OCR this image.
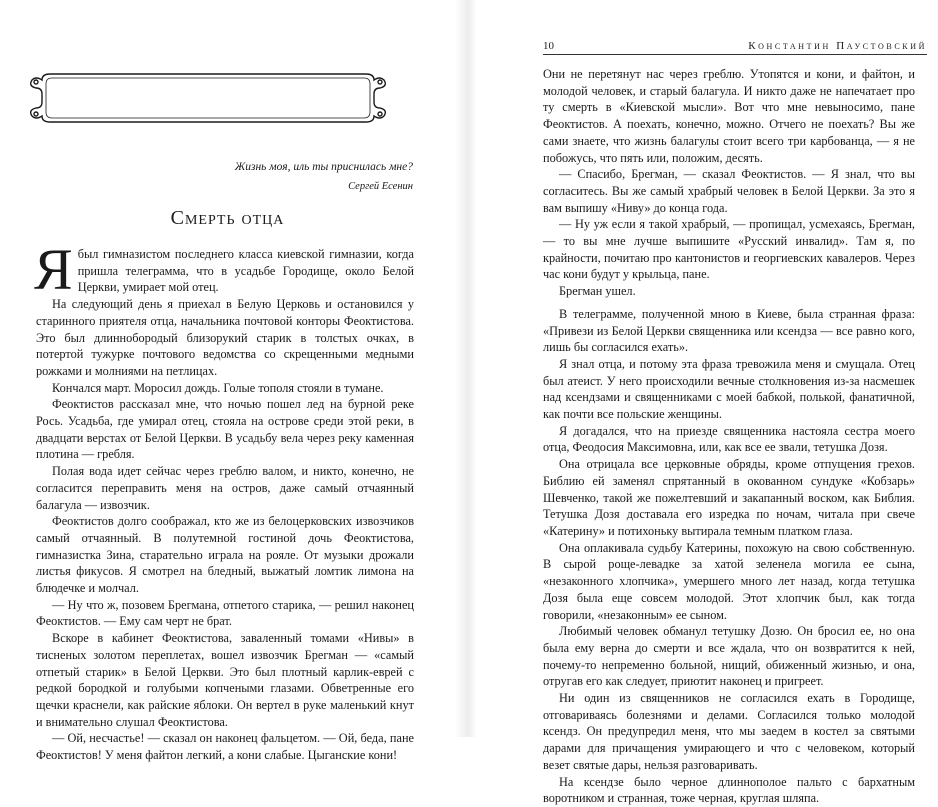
Жизнь моя, иль ты приснилась мне?
Сергей Есенин
Смерть отца

Ябыл гимназистом последнего класса киевской гимназии, когда пришла телеграмма, что в усадьбе Городище, около Белой Церкви, умирает мой отец.

На следующий день я приехал в Белую Церковь и остановился у старинного приятеля отца, начальника почтовой конторы Феоктистова. Это был длиннобородый близорукий старик в толстых очках, в потертой тужурке почтового ведомства со скрещенными медными рожками и молниями на петлицах.

Кончался март. Моросил дождь. Голые тополя стояли в тумане.

Феоктистов рассказал мне, что ночью пошел лед на бурной реке Рось. Усадьба, где умирал отец, стояла на острове среди этой реки, в двадцати верстах от Белой Церкви. В усадьбу вела через реку каменная плотина — гребля.

Полая вода идет сейчас через греблю валом, и никто, конечно, не согласится переправить меня на остров, даже самый отчаянный балагула — извозчик.

Феоктистов долго соображал, кто же из белоцерковских извозчиков самый отчаянный. В полутемной гостиной дочь Феоктистова, гимназистка Зина, старательно играла на рояле. От музыки дрожали листья фикусов. Я смотрел на бледный, выжатый ломтик лимона на блюдечке и молчал.

— Ну что ж, позовем Брегмана, отпетого старика, — решил наконец Феоктистов. — Ему сам черт не брат.

Вскоре в кабинет Феоктистова, заваленный томами «Нивы» в тисненых золотом переплетах, вошел извозчик Брегман — «самый отпетый старик» в Белой Церкви. Это был плотный карлик-еврей с редкой бородкой и голубыми копчеными глазами. Обветренные его щечки краснели, как райские яблоки. Он вертел в руке маленький кнут и внимательно слушал Феоктистова.

— Ой, несчастье! — сказал он наконец фальцетом. — Ой, беда, пане Феоктистов! У меня файтон легкий, а кони слабые. Цыганские кони!

10	Константин Паустовский

Они не перетянут нас через греблю. Утопятся и кони, и файтон, и молодой человек, и старый балагула. И никто даже не напечатает про ту смерть в «Киевской мысли». Вот что мне невыносимо, пане Феоктистов. А поехать, конечно, можно. Отчего не поехать? Вы же сами знаете, что жизнь балагулы стоит всего три карбованца, — я не побожусь, что пять или, положим, десять.

— Спасибо, Брегман, — сказал Феоктистов. — Я знал, что вы согласитесь. Вы же самый храбрый человек в Белой Церкви. За это я вам выпишу «Ниву» до конца года.

— Ну уж если я такой храбрый, — пропищал, усмехаясь, Брегман, — то вы мне лучше выпишите «Русский инвалид». Там я, по крайности, почитаю про кантонистов и георгиевских кавалеров. Через час кони будут у крыльца, пане.

Брегман ушел.

В телеграмме, полученной мною в Киеве, была странная фраза: «Привези из Белой Церкви священника или ксендза — все равно кого, лишь бы согласился ехать».

Я знал отца, и потому эта фраза тревожила меня и смущала. Отец был атеист. У него происходили вечные столкновения из-за насмешек над ксендзами и священниками с моей бабкой, полькой, фанатичной, как почти все польские женщины.

Я догадался, что на приезде священника настояла сестра моего отца, Феодосия Максимовна, или, как все ее звали, тетушка Дозя.

Она отрицала все церковные обряды, кроме отпущения грехов. Библию ей заменял спрятанный в окованном сундуке «Кобзарь» Шевченко, такой же пожелтевший и закапанный воском, как Библия. Тетушка Дозя доставала его изредка по ночам, читала при свече «Катерину» и потихоньку вытирала темным платком глаза.

Она оплакивала судьбу Катерины, похожую на свою собственную. В сырой роще-левадке за хатой зеленела могила ее сына, «незаконного хлопчика», умершего много лет назад, когда тетушка Дозя была еще совсем молодой. Этот хлопчик был, как тогда говорили, «незаконным» ее сыном.

Любимый человек обманул тетушку Дозю. Он бросил ее, но она была ему верна до смерти и все ждала, что он возвратится к ней, почему-то непременно больной, нищий, обиженный жизнью, и она, отругав его как следует, приютит наконец и пригреет.

Ни один из священников не согласился ехать в Городище, отговариваясь болезнями и делами. Согласился только молодой ксендз. Он предупредил меня, что мы заедем в костел за святыми дарами для причащения умирающего и что с человеком, который везет святые дары, нельзя разговаривать.

На ксендзе было черное длиннополое пальто с бархатным воротником и странная, тоже черная, круглая шляпа.
